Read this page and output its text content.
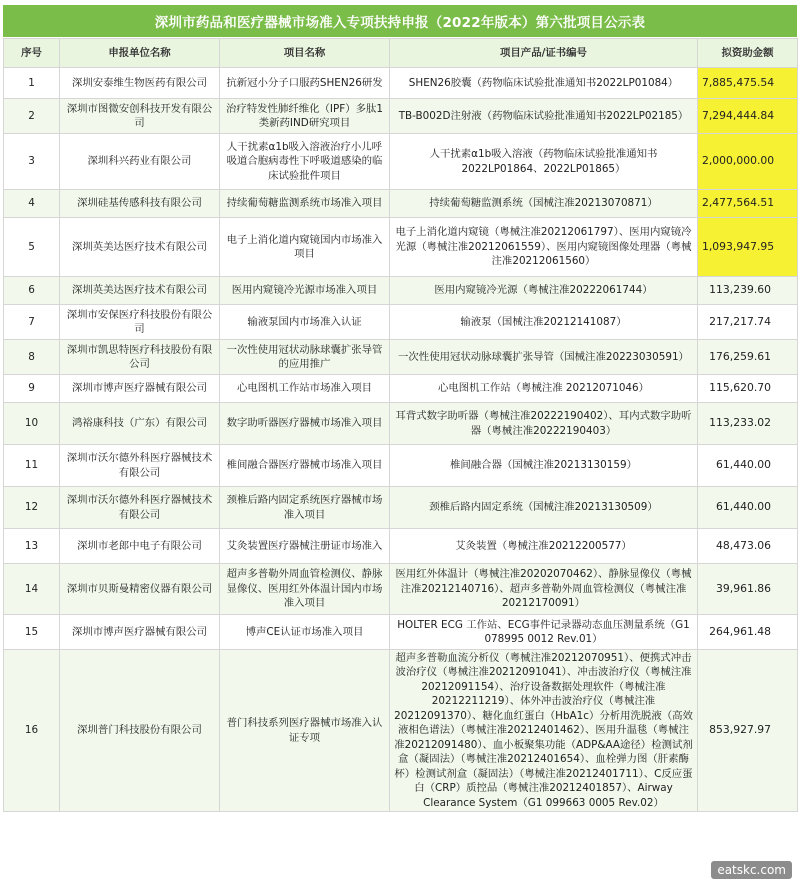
深圳市药品和医疗器械市场准入专项扶持申报（2022年版本）第六批项目公示表
序号	申报单位名称	项目名称	项目产品/证书编号	拟资助金额
1	深圳安泰维生物医药有限公司	抗新冠小分子口服药SHEN26研发	SHEN26胶囊（药物临床试验批准通知书2022LP01084）	7,885,475.54
2	深圳市图微安创科技开发有限公司	治疗特发性肺纤维化（IPF）多肽1类新药IND研究项目	TB-B002D注射液（药物临床试验批准通知书2022LP02185）	7,294,444.84
3	深圳科兴药业有限公司	人干扰素α1b吸入溶液治疗小儿呼吸道合胞病毒性下呼吸道感染的临床试验批件项目	人干扰素α1b吸入溶液（药物临床试验批准通知书2022LP01864、2022LP01865）	2,000,000.00
4	深圳硅基传感科技有限公司	持续葡萄糖监测系统市场准入项目	持续葡萄糖监测系统（国械注准20213070871）	2,477,564.51
5	深圳英美达医疗技术有限公司	电子上消化道内窥镜国内市场准入项目	电子上消化道内窥镜（粤械注准20212061797）、医用内窥镜冷光源（粤械注准20212061559）、医用内窥镜图像处理器（粤械注准20212061560）	1,093,947.95
6	深圳英美达医疗技术有限公司	医用内窥镜冷光源市场准入项目	医用内窥镜冷光源（粤械注准20222061744）	113,239.60
7	深圳市安保医疗科技股份有限公司	输液泵国内市场准入认证	输液泵（国械注准20212141087）	217,217.74
8	深圳市凯思特医疗科技股份有限公司	一次性使用冠状动脉球囊扩张导管的应用推广	一次性使用冠状动脉球囊扩张导管（国械注准20223030591）	176,259.61
9	深圳市博声医疗器械有限公司	心电图机工作站市场准入项目	心电图机工作站（粤械注准 20212071046）	115,620.70
10	鸿裕康科技（广东）有限公司	数字助听器医疗器械市场准入项目	耳背式数字助听器（粤械注准20222190402）、耳内式数字助听器（粤械注准20222190403）	113,233.02
11	深圳市沃尔德外科医疗器械技术有限公司	椎间融合器医疗器械市场准入项目	椎间融合器（国械注准20213130159）	61,440.00
12	深圳市沃尔德外科医疗器械技术有限公司	颈椎后路内固定系统医疗器械市场准入项目	颈椎后路内固定系统（国械注准20213130509）	61,440.00
13	深圳市老郎中电子有限公司	艾灸装置医疗器械注册证市场准入	艾灸装置（粤械注准20212200577）	48,473.06
14	深圳市贝斯曼精密仪器有限公司	超声多普勒外周血管检测仪、静脉显像仪、医用红外体温计国内市场准入项目	医用红外体温计（粤械注准20202070462）、静脉显像仪（粤械注准20212140716）、超声多普勒外周血管检测仪（粤械注准20212170091）	39,961.86
15	深圳市博声医疗器械有限公司	博声CE认证市场准入项目	HOLTER ECG 工作站、ECG事件记录器动态血压测量系统（G1 078995 0012 Rev.01）	264,961.48
16	深圳普门科技股份有限公司	普门科技系列医疗器械市场准入认证专项	超声多普勒血流分析仪（粤械注准20212070951）、便携式冲击波治疗仪（粤械注准20212091041）、冲击波治疗仪（粤械注准20212091154）、治疗设备数据处理软件（粤械注准20212211219）、体外冲击波治疗仪（粤械注准20212091370）、糖化血红蛋白（HbA1c）分析用洗脱液（高效液相色谱法）（粤械注准20212401462）、医用升温毯（粤械注准20212091480）、血小板聚集功能（ADP&AA途径）检测试剂盒（凝固法）（粤械注准20212401654）、血栓弹力图（肝素酶杯）检测试剂盒（凝固法）（粤械注准20212401711）、C反应蛋白（CRP）质控品（粤械注准20212401857）、Airway Clearance System（G1 099663 0005 Rev.02）	853,927.97
eatskc.com
